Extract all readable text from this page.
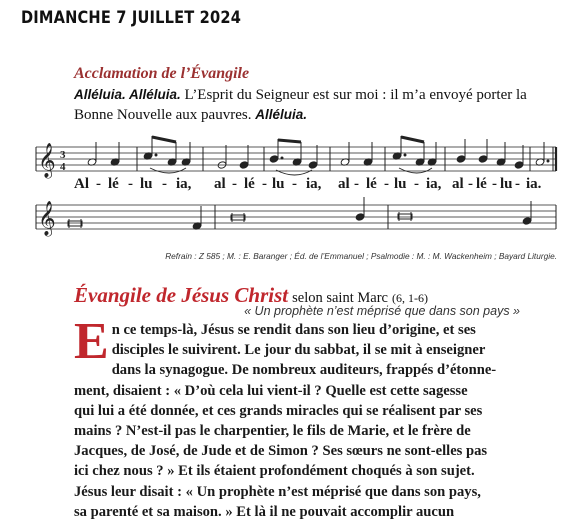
DIMANCHE 7 JUILLET 2024
Acclamation de l’Évangile
Alléluia. Alléluia. L’Esprit du Seigneur est sur moi : il m’a envoyé porter la Bonne Nouvelle aux pauvres. Alléluia.
𝄞
𝄞
3
4
Al - lé - lu - ia, al - lé - lu - ia, al - lé - lu - ia, al - lé - lu - ia.
Refrain : Z 585 ; M. : E. Baranger ; Éd. de l’Emmanuel ; Psalmodie : M. : M. Wackenheim ; Bayard Liturgie.
Évangile de Jésus Christ selon saint Marc (6, 1-6)
« Un prophète n’est méprisé que dans son pays »
E n ce temps-là, Jésus se rendit dans son lieu d’origine, et ses
disciples le suivirent. Le jour du sabbat, il se mit à enseigner
dans la synagogue. De nombreux auditeurs, frappés d’étonne-
ment, disaient : « D’où cela lui vient-il ? Quelle est cette sagesse
qui lui a été donnée, et ces grands miracles qui se réalisent par ses
mains ? N’est-il pas le charpentier, le fils de Marie, et le frère de
Jacques, de José, de Jude et de Simon ? Ses sœurs ne sont-elles pas
ici chez nous ? » Et ils étaient profondément choqués à son sujet.
Jésus leur disait : « Un prophète n’est méprisé que dans son pays,
sa parenté et sa maison. » Et là il ne pouvait accomplir aucun
